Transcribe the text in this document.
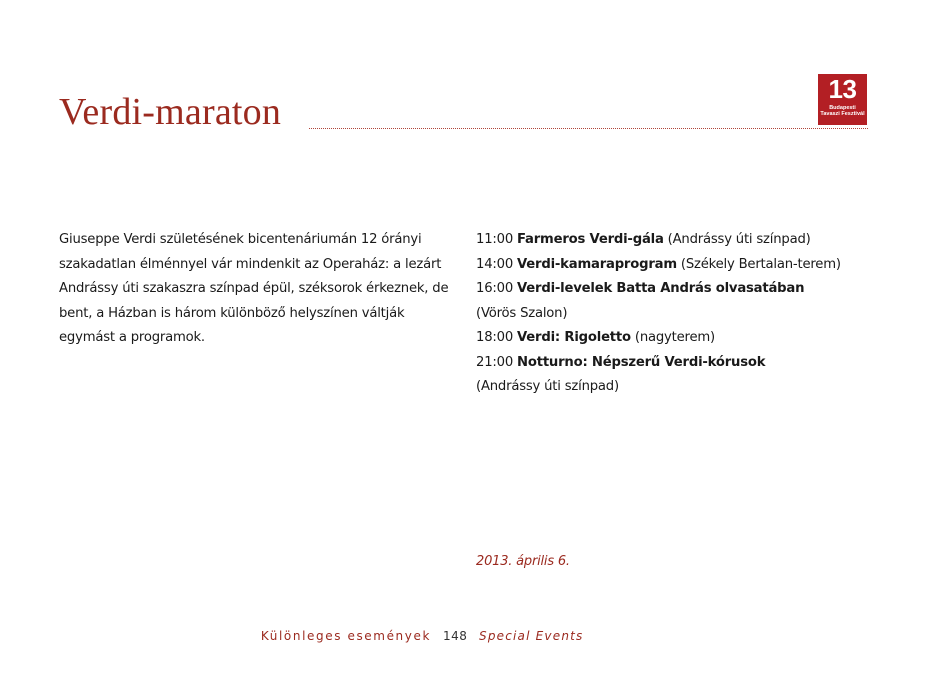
Verdi-maraton
13
Budapesti
Tavaszi Fesztivál

Giuseppe Verdi születésének bicentenáriumán 12 órányi szakadatlan élménnyel vár mindenkit az Operaház: a lezárt Andrássy úti szakaszra színpad épül, széksorok érkeznek, de bent, a Házban is három különböző helyszínen váltják egymást a programok.

11:00 Farmeros Verdi-gála (Andrássy úti színpad)
14:00 Verdi-kamaraprogram (Székely Bertalan-terem)
16:00 Verdi-levelek Batta András olvasatában
(Vörös Szalon)
18:00 Verdi: Rigoletto (nagyterem)
21:00 Notturno: Népszerű Verdi-kórusok
(Andrássy úti színpad)
2013. április 6.
Különleges események 148 Special Events
